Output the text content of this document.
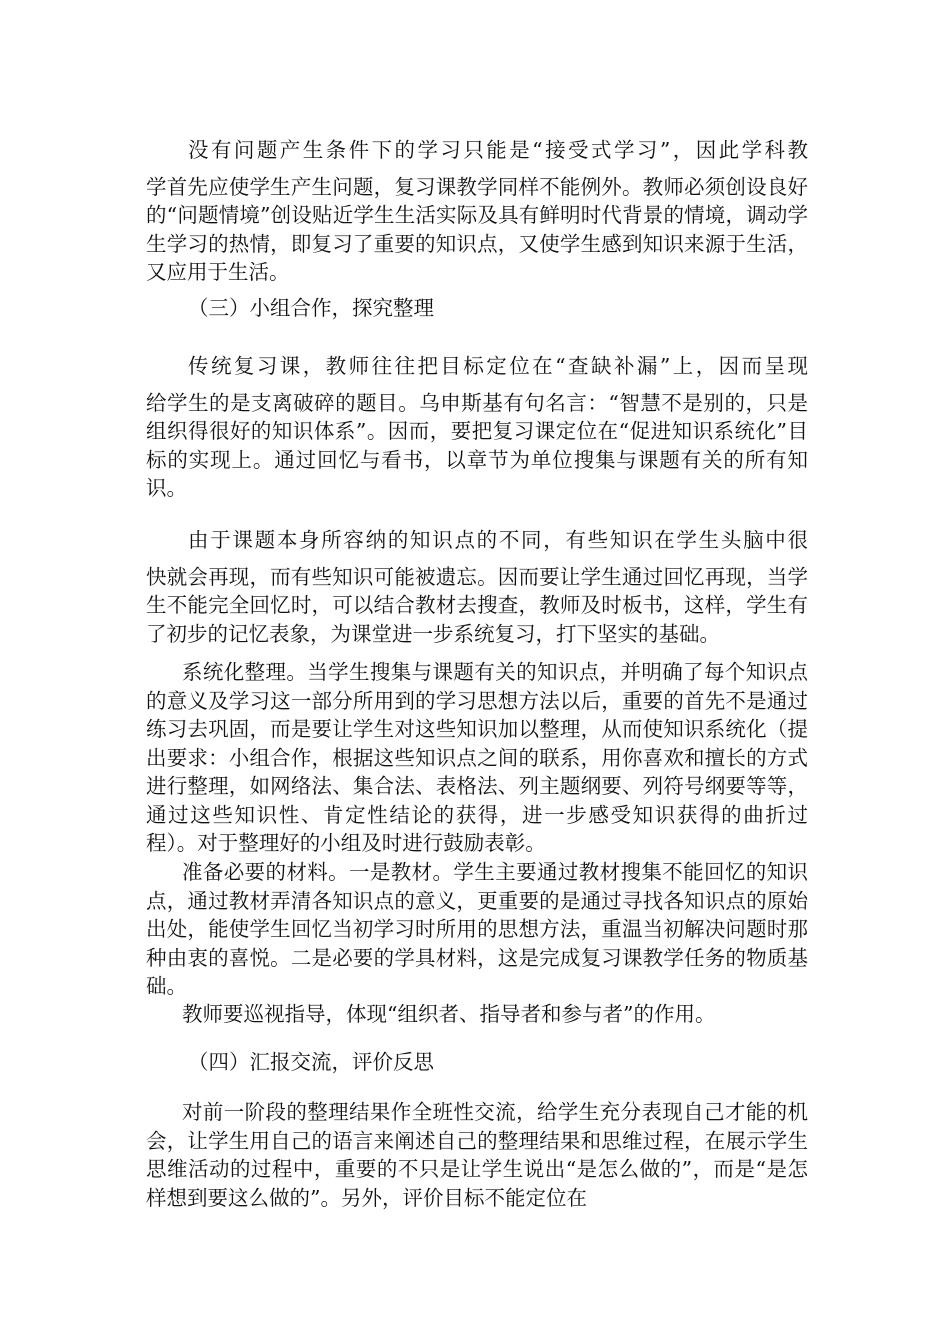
没有问题产生条件下的学习只能是“接受式学习”，因此学科教
学首先应使学生产生问题，复习课教学同样不能例外。教师必须创设良好的“问题情境”创设贴近学生生活实际及具有鲜明时代背景的情境，调动学生学习的热情，即复习了重要的知识点，又使学生感到知识来源于生活，又应用于生活。
（三）小组合作，探究整理
传统复习课，教师往往把目标定位在“查缺补漏”上，因而呈现
给学生的是支离破碎的题目。乌申斯基有句名言：“智慧不是别的，只是组织得很好的知识体系”。因而，要把复习课定位在“促进知识系统化”目标的实现上。通过回忆与看书，以章节为单位搜集与课题有关的所有知识。
由于课题本身所容纳的知识点的不同，有些知识在学生头脑中很
快就会再现，而有些知识可能被遗忘。因而要让学生通过回忆再现，当学生不能完全回忆时，可以结合教材去搜查，教师及时板书，这样，学生有了初步的记忆表象，为课堂进一步系统复习，打下坚实的基础。
系统化整理。当学生搜集与课题有关的知识点，并明确了每个知识点的意义及学习这一部分所用到的学习思想方法以后，重要的首先不是通过练习去巩固，而是要让学生对这些知识加以整理，从而使知识系统化（提出要求：小组合作，根据这些知识点之间的联系，用你喜欢和擅长的方式进行整理，如网络法、集合法、表格法、列主题纲要、列符号纲要等等，通过这些知识性、肯定性结论的获得，进一步感受知识获得的曲折过程）。对于整理好的小组及时进行鼓励表彰。
准备必要的材料。一是教材。学生主要通过教材搜集不能回忆的知识点，通过教材弄清各知识点的意义，更重要的是通过寻找各知识点的原始出处，能使学生回忆当初学习时所用的思想方法，重温当初解决问题时那种由衷的喜悦。二是必要的学具材料，这是完成复习课教学任务的物质基础。
教师要巡视指导，体现“组织者、指导者和参与者”的作用。
（四）汇报交流，评价反思
对前一阶段的整理结果作全班性交流，给学生充分表现自己才能的机会，让学生用自己的语言来阐述自己的整理结果和思维过程，在展示学生思维活动的过程中，重要的不只是让学生说出“是怎么做的”，而是“是怎样想到要这么做的”。另外，评价目标不能定位在
